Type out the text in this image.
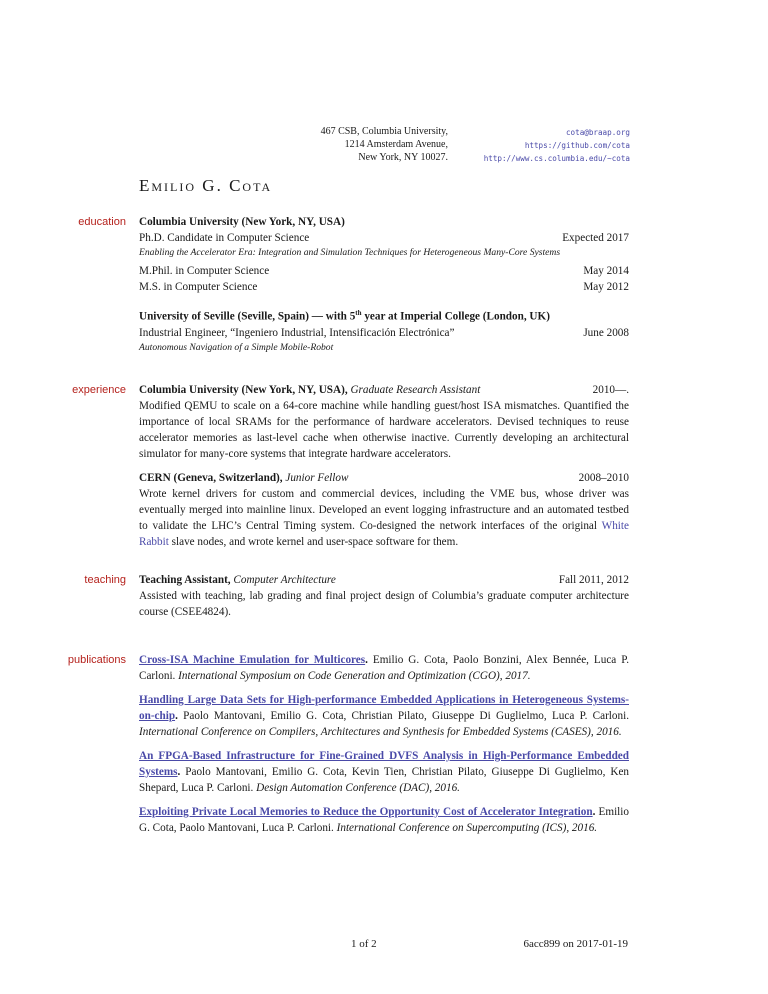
467 CSB, Columbia University,
1214 Amsterdam Avenue,
New York, NY 10027.
cota@braap.org
https://github.com/cota
http://www.cs.columbia.edu/~cota
Emilio G. Cota
education Columbia University (New York, NY, USA)
Ph.D. Candidate in Computer Science	Expected 2017
Enabling the Accelerator Era: Integration and Simulation Techniques for Heterogeneous Many-Core Systems
M.Phil. in Computer Science	May 2014
M.S. in Computer Science	May 2012
University of Seville (Seville, Spain) — with 5th year at Imperial College (London, UK)
Industrial Engineer, “Ingeniero Industrial, Intensificación Electrónica”	June 2008
Autonomous Navigation of a Simple Mobile-Robot
experience Columbia University (New York, NY, USA), Graduate Research Assistant	2010—.
Modified QEMU to scale on a 64-core machine while handling guest/host ISA mismatches. Quantified the importance of local SRAMs for the performance of hardware accelerators. Devised techniques to reuse accelerator memories as last-level cache when otherwise inactive. Currently developing an architectural simulator for many-core systems that integrate hardware accelerators.
CERN (Geneva, Switzerland), Junior Fellow	2008–2010
Wrote kernel drivers for custom and commercial devices, including the VME bus, whose driver was eventually merged into mainline linux. Developed an event logging infrastructure and an automated testbed to validate the LHC’s Central Timing system. Co-designed the network interfaces of the original White Rabbit slave nodes, and wrote kernel and user-space software for them.
teaching Teaching Assistant, Computer Architecture	Fall 2011, 2012
Assisted with teaching, lab grading and final project design of Columbia’s graduate computer architecture course (CSEE4824).
publications Cross-ISA Machine Emulation for Multicores. Emilio G. Cota, Paolo Bonzini, Alex Bennée, Luca P. Carloni. International Symposium on Code Generation and Optimization (CGO), 2017.
Handling Large Data Sets for High-performance Embedded Applications in Heterogeneous Systems-on-chip. Paolo Mantovani, Emilio G. Cota, Christian Pilato, Giuseppe Di Guglielmo, Luca P. Carloni. International Conference on Compilers, Architectures and Synthesis for Embedded Systems (CASES), 2016.
An FPGA-Based Infrastructure for Fine-Grained DVFS Analysis in High-Performance Embedded Systems. Paolo Mantovani, Emilio G. Cota, Kevin Tien, Christian Pilato, Giuseppe Di Guglielmo, Ken Shepard, Luca P. Carloni. Design Automation Conference (DAC), 2016.
Exploiting Private Local Memories to Reduce the Opportunity Cost of Accelerator Integration. Emilio G. Cota, Paolo Mantovani, Luca P. Carloni. International Conference on Supercomputing (ICS), 2016.
1 of 2	6acc899 on 2017-01-19
